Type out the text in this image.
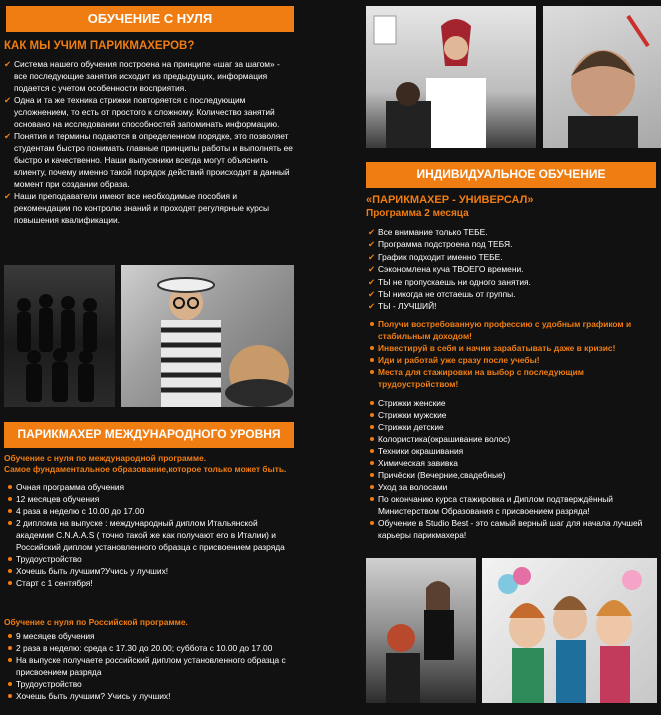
ОБУЧЕНИЕ С НУЛЯ
КАК МЫ УЧИМ ПАРИКМАХЕРОВ?
✔ Система нашего обучения построена на принципе «шаг за шагом» - все последующие занятия исходит из предыдущих, информация подается с учетом особенности восприятия.
✔ Одна и та же техника стрижки повторяется с последующим усложнением, то есть от простого к сложному. Количество занятий основано на исследовании способностей запоминать информацию.
✔ Понятия и термины подаются в определенном порядке, это позволяет студентам быстро понимать главные принципы работы и выполнять ее быстро и качественно. Наши выпускники всегда могут объяснить клиенту, почему именно такой порядок действий происходит в данный момент при создании образа.
✔ Наши преподаватели имеют все необходимые пособия и рекомендации по контролю знаний и проходят регулярные курсы повышения квалификации.
ПАРИКМАХЕР МЕЖДУНАРОДНОГО УРОВНЯ
Обучение с нуля по международной программе.
Самое фундаментальное образование,которое только может быть.
Очная программа обучения
12 месяцев обучения
4 раза в неделю с 10.00 до 17.00
2 диплома на выпуске : международный диплом Итальянской академии C.N.A.A.S ( точно такой же как получают его в Италии) и Российский диплом установленного образца с присвоением разряда
Трудоустройство
Хочешь быть лучшим?Учись у лучших!
Старт с 1 сентября!
Обучение с нуля по Российской программе.
9 месяцев обучения
2 раза в неделю: среда с 17.30 до 20.00; суббота с 10.00 до 17.00
На выпуске получаете российский диплом установленного образца с присвоением разряда
Трудоустройство
Хочешь быть лучшим? Учись у лучших!
ИНДИВИДУАЛЬНОЕ ОБУЧЕНИЕ
«ПАРИКМАХЕР - УНИВЕРСАЛ»
Программа 2 месяца
✔ Все внимание только ТЕБЕ.
✔ Программа подстроена под ТЕБЯ.
✔ График подходит именно ТЕБЕ.
✔ Сэкономлена куча ТВОЕГО времени.
✔ ТЫ не пропускаешь ни одного занятия.
✔ ТЫ никогда не отстаешь от группы.
✔ ТЫ - ЛУЧШИЙ!
Получи востребованную профессию с удобным графиком и стабильным доходом!
Инвестируй в себя и начни зарабатывать даже в кризис!
Иди и работай уже сразу после учебы!
Места для стажировки на выбор с последующим трудоустройством!
Стрижки женские
Стрижки мужские
Стрижки детские
Колористика(окрашивание волос)
Техники окрашивания
Химическая завивка
Причёски (Вечерние,свадебные)
Уход за волосами
По окончанию курса стажировка и Диплом подтверждённый Министерством Образования с присвоением разряда!
Обучение в Studio Best - это самый верный шаг для начала лучшей карьеры парикмахера!
